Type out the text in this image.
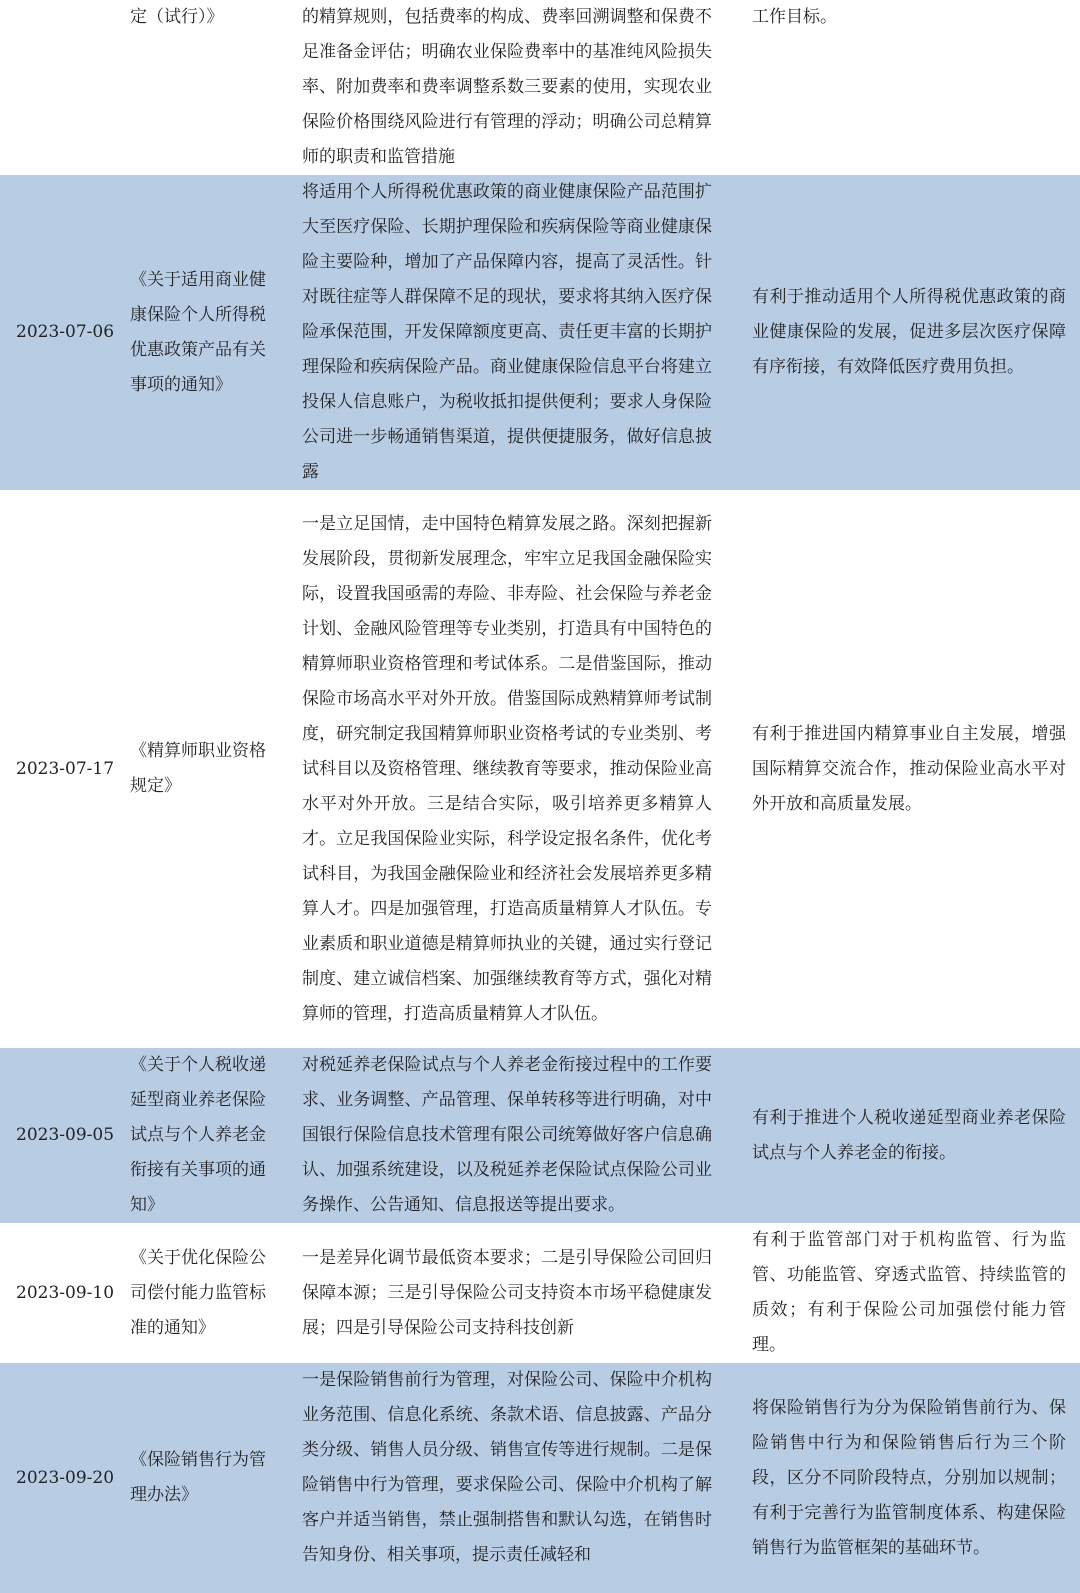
	定（试行）》	的精算规则，包括费率的构成、费率回溯调整和保费不足准备金评估；明确农业保险费率中的基准纯风险损失率、附加费率和费率调整系数三要素的使用，实现农业保险价格围绕风险进行有管理的浮动；明确公司总精算师的职责和监管措施	工作目标。
2023-07-06	《关于适用商业健康保险个人所得税优惠政策产品有关事项的通知》	将适用个人所得税优惠政策的商业健康保险产品范围扩大至医疗保险、长期护理保险和疾病保险等商业健康保险主要险种，增加了产品保障内容，提高了灵活性。针对既往症等人群保障不足的现状，要求将其纳入医疗保险承保范围，开发保障额度更高、责任更丰富的长期护理保险和疾病保险产品。商业健康保险信息平台将建立投保人信息账户，为税收抵扣提供便利；要求人身保险公司进一步畅通销售渠道，提供便捷服务，做好信息披露	有利于推动适用个人所得税优惠政策的商业健康保险的发展，促进多层次医疗保障有序衔接，有效降低医疗费用负担。
2023-07-17	《精算师职业资格规定》	一是立足国情，走中国特色精算发展之路。深刻把握新发展阶段，贯彻新发展理念，牢牢立足我国金融保险实际，设置我国亟需的寿险、非寿险、社会保险与养老金计划、金融风险管理等专业类别，打造具有中国特色的精算师职业资格管理和考试体系。二是借鉴国际，推动保险市场高水平对外开放。借鉴国际成熟精算师考试制度，研究制定我国精算师职业资格考试的专业类别、考试科目以及资格管理、继续教育等要求，推动保险业高水平对外开放。三是结合实际，吸引培养更多精算人才。立足我国保险业实际，科学设定报名条件，优化考试科目，为我国金融保险业和经济社会发展培养更多精算人才。四是加强管理，打造高质量精算人才队伍。专业素质和职业道德是精算师执业的关键，通过实行登记制度、建立诚信档案、加强继续教育等方式，强化对精算师的管理，打造高质量精算人才队伍。	有利于推进国内精算事业自主发展，增强国际精算交流合作，推动保险业高水平对外开放和高质量发展。
2023-09-05	《关于个人税收递延型商业养老保险试点与个人养老金衔接有关事项的通知》	对税延养老保险试点与个人养老金衔接过程中的工作要求、业务调整、产品管理、保单转移等进行明确，对中国银行保险信息技术管理有限公司统筹做好客户信息确认、加强系统建设，以及税延养老保险试点保险公司业务操作、公告通知、信息报送等提出要求。	有利于推进个人税收递延型商业养老保险试点与个人养老金的衔接。
2023-09-10	《关于优化保险公司偿付能力监管标准的通知》	一是差异化调节最低资本要求；二是引导保险公司回归保障本源；三是引导保险公司支持资本市场平稳健康发展；四是引导保险公司支持科技创新	有利于监管部门对于机构监管、行为监管、功能监管、穿透式监管、持续监管的质效；有利于保险公司加强偿付能力管理。
2023-09-20	《保险销售行为管理办法》	一是保险销售前行为管理，对保险公司、保险中介机构业务范围、信息化系统、条款术语、信息披露、产品分类分级、销售人员分级、销售宣传等进行规制。二是保险销售中行为管理，要求保险公司、保险中介机构了解客户并适当销售，禁止强制搭售和默认勾选，在销售时告知身份、相关事项，提示责任减轻和	将保险销售行为分为保险销售前行为、保险销售中行为和保险销售后行为三个阶段，区分不同阶段特点，分别加以规制；有利于完善行为监管制度体系、构建保险销售行为监管框架的基础环节。
